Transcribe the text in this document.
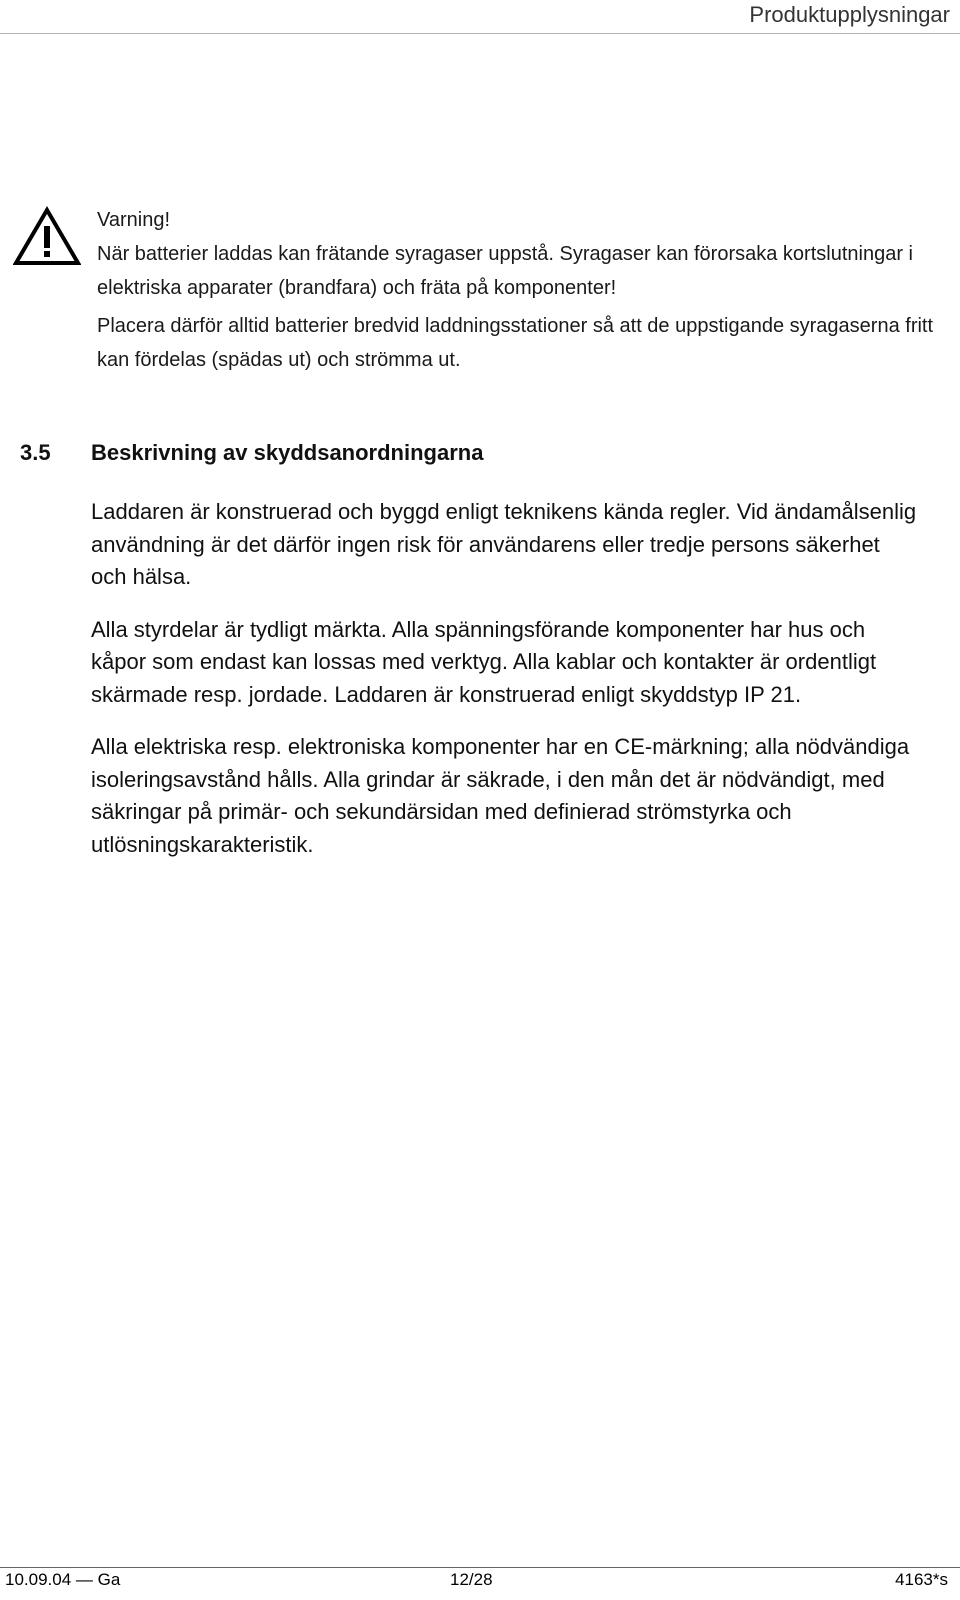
Produktupplysningar

Varning!

När batterier laddas kan frätande syragaser uppstå. Syragaser kan förorsaka kortslutningar i elektriska apparater (brandfara) och fräta på komponenter!

Placera därför alltid batterier bredvid laddningsstationer så att de uppstigande syragaserna fritt kan fördelas (spädas ut) och strömma ut.

3.5 Beskrivning av skyddsanordningarna

Laddaren är konstruerad och byggd enligt teknikens kända regler. Vid ändamålsenlig användning är det därför ingen risk för användarens eller tredje persons säkerhet och hälsa.

Alla styrdelar är tydligt märkta. Alla spänningsförande komponenter har hus och kåpor som endast kan lossas med verktyg. Alla kablar och kontakter är ordentligt skärmade resp. jordade. Laddaren är konstruerad enligt skyddstyp IP 21.

Alla elektriska resp. elektroniska komponenter har en CE-märkning; alla nödvändiga isoleringsavstånd hålls. Alla grindar är säkrade, i den mån det är nödvändigt, med säkringar på primär- och sekundärsidan med definierad strömstyrka och utlösningskarakteristik.

10.09.04 — Ga	12/28	4163*s
